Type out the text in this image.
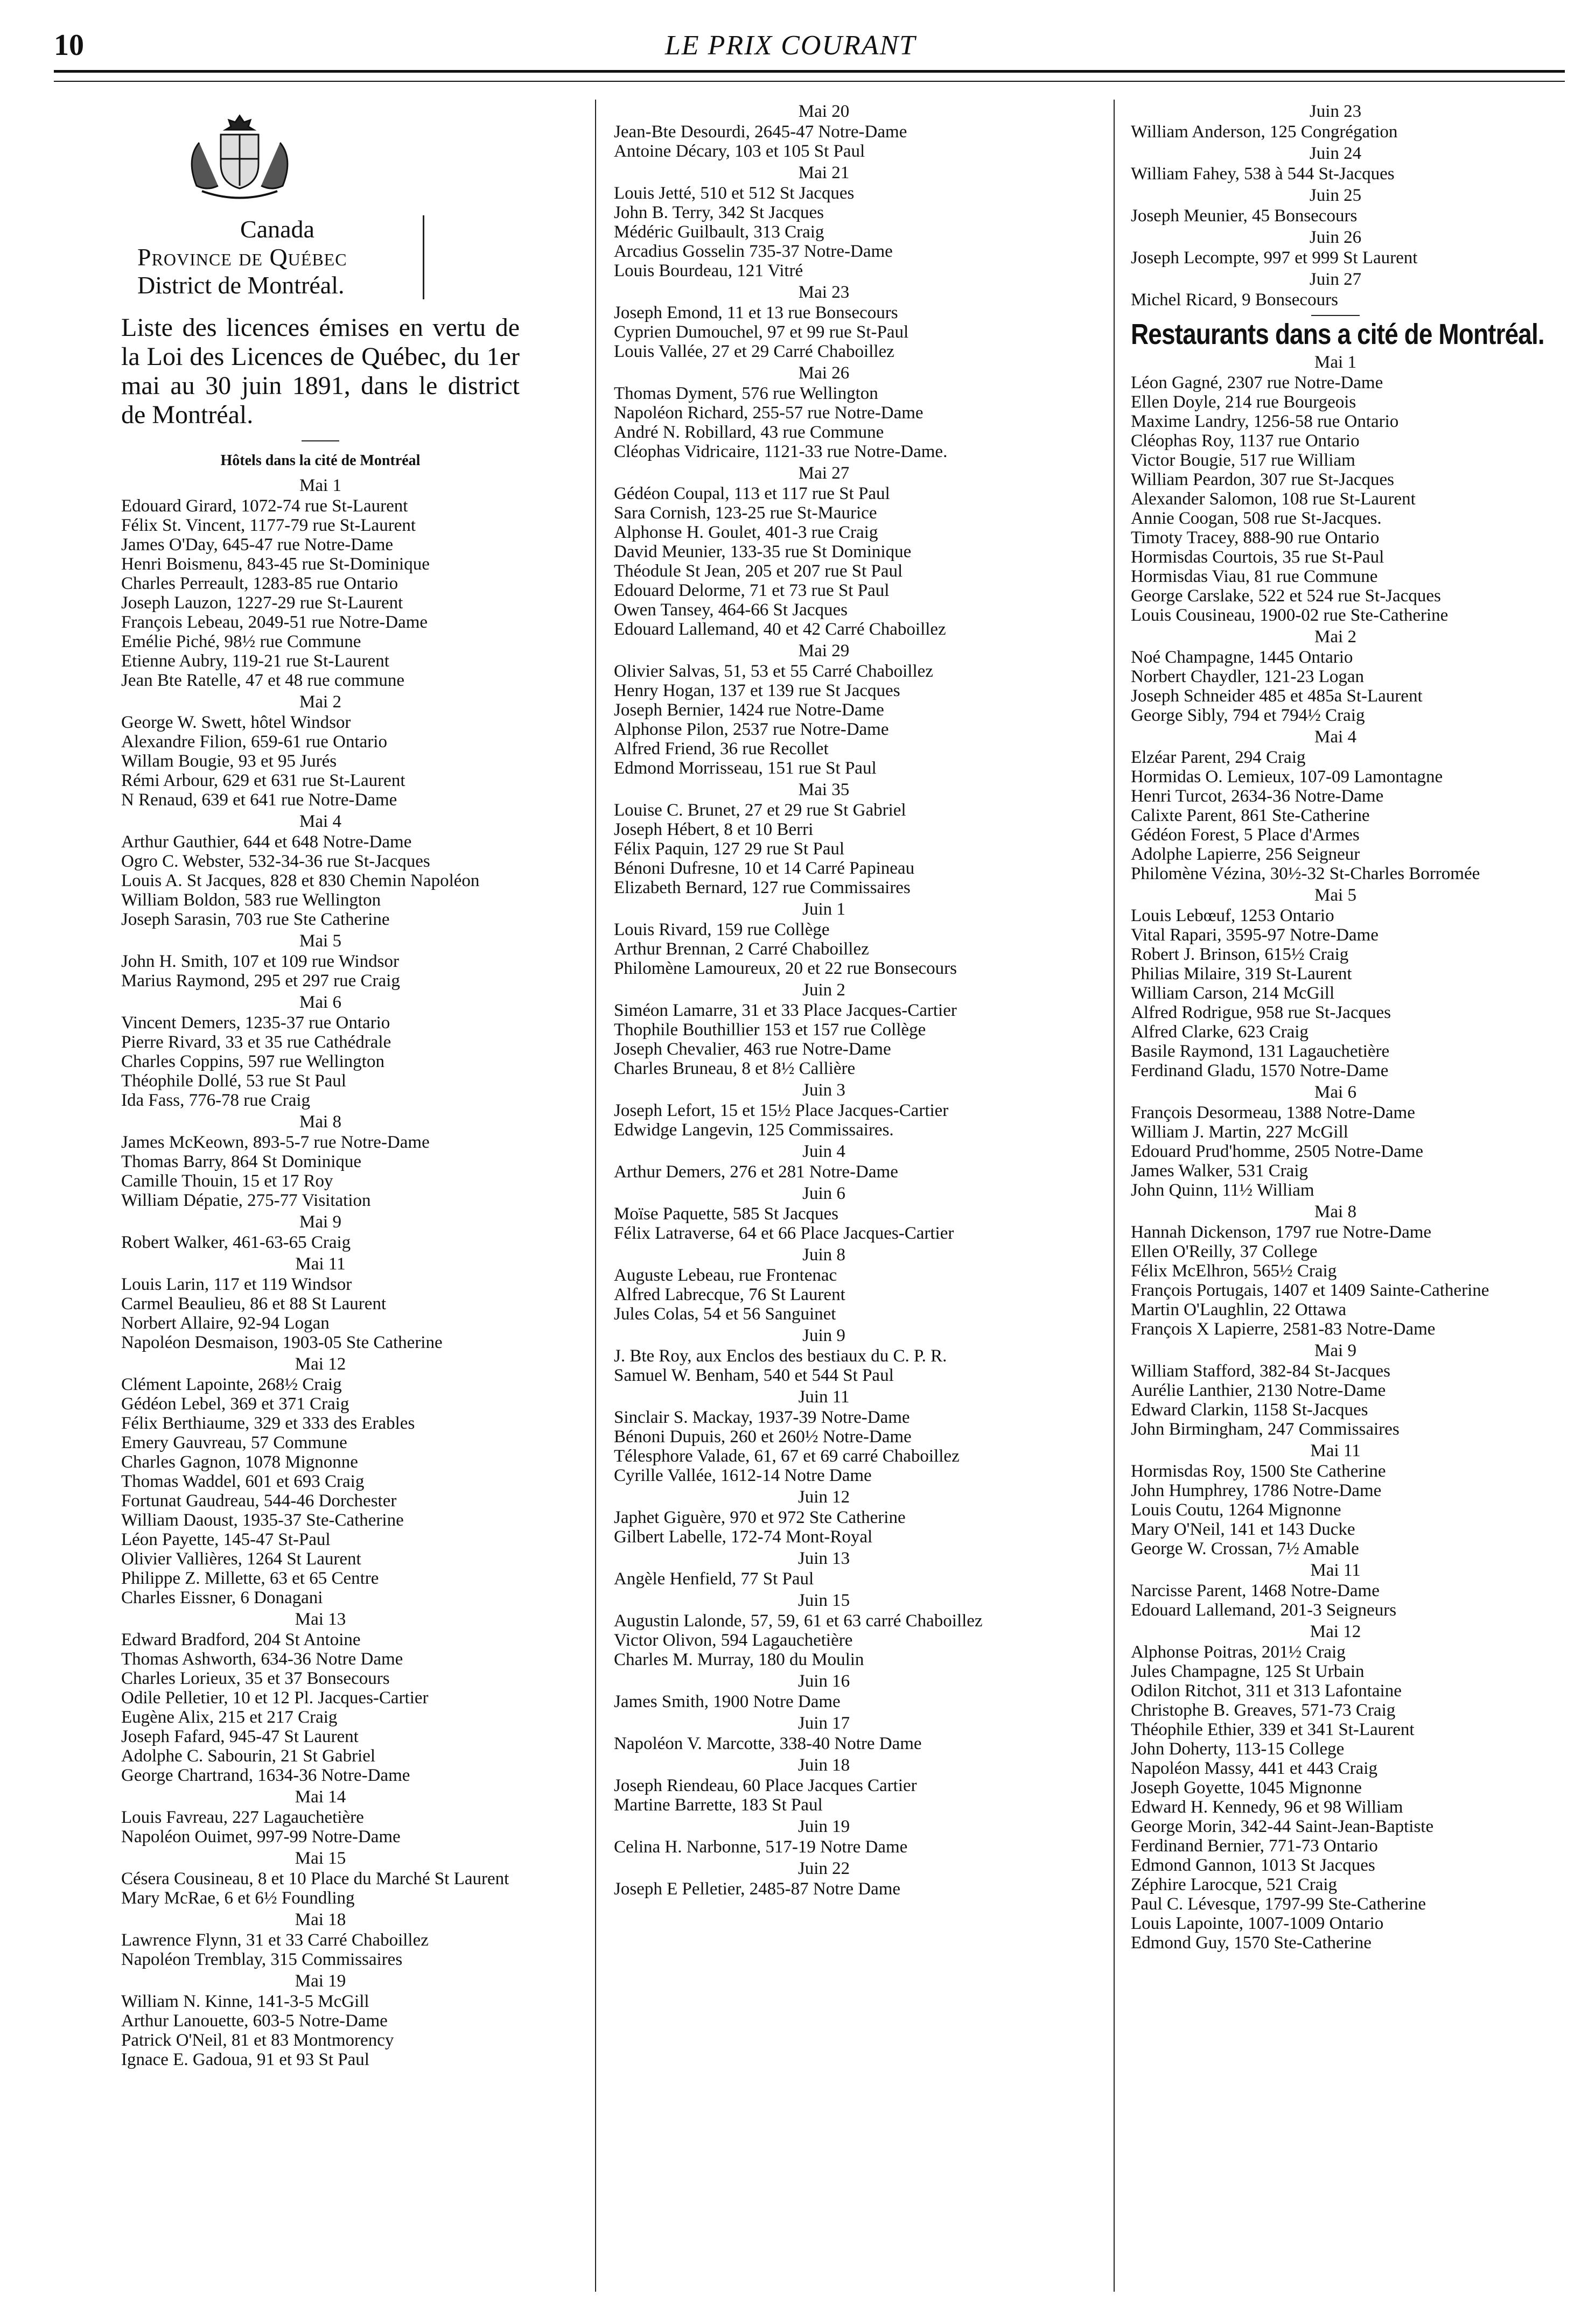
10	LE PRIX COURANT
Canada
Province de Québec
District de Montréal.

Liste des licences émises en vertu de la Loi des Licences de Québec, du 1er mai au 30 juin 1891, dans le district de Montréal.

Hôtels dans la cité de Montréal
Mai 1
Edouard Girard, 1072-74 rue St-Laurent
Félix St. Vincent, 1177-79 rue St-Laurent
James O'Day, 645-47 rue Notre-Dame
Henri Boismenu, 843-45 rue St-Dominique
Charles Perreault, 1283-85 rue Ontario
Joseph Lauzon, 1227-29 rue St-Laurent
François Lebeau, 2049-51 rue Notre-Dame
Emélie Piché, 98½ rue Commune
Etienne Aubry, 119-21 rue St-Laurent
Jean Bte Ratelle, 47 et 48 rue commune
Mai 2
George W. Swett, hôtel Windsor
Alexandre Filion, 659-61 rue Ontario
Willam Bougie, 93 et 95 Jurés
Rémi Arbour, 629 et 631 rue St-Laurent
N Renaud, 639 et 641 rue Notre-Dame
Mai 4
Arthur Gauthier, 644 et 648 Notre-Dame
Ogro C. Webster, 532-34-36 rue St-Jacques
Louis A. St Jacques, 828 et 830 Chemin Napoléon
William Boldon, 583 rue Wellington
Joseph Sarasin, 703 rue Ste Catherine
Mai 5
John H. Smith, 107 et 109 rue Windsor
Marius Raymond, 295 et 297 rue Craig
Mai 6
Vincent Demers, 1235-37 rue Ontario
Pierre Rivard, 33 et 35 rue Cathédrale
Charles Coppins, 597 rue Wellington
Théophile Dollé, 53 rue St Paul
Ida Fass, 776-78 rue Craig
Mai 8
James McKeown, 893-5-7 rue Notre-Dame
Thomas Barry, 864 St Dominique
Camille Thouin, 15 et 17 Roy
William Dépatie, 275-77 Visitation
Mai 9
Robert Walker, 461-63-65 Craig
Mai 11
Louis Larin, 117 et 119 Windsor
Carmel Beaulieu, 86 et 88 St Laurent
Norbert Allaire, 92-94 Logan
Napoléon Desmaison, 1903-05 Ste Catherine
Mai 12
Clément Lapointe, 268½ Craig
Gédéon Lebel, 369 et 371 Craig
Félix Berthiaume, 329 et 333 des Erables
Emery Gauvreau, 57 Commune
Charles Gagnon, 1078 Mignonne
Thomas Waddel, 601 et 693 Craig
Fortunat Gaudreau, 544-46 Dorchester
William Daoust, 1935-37 Ste-Catherine
Léon Payette, 145-47 St-Paul
Olivier Vallières, 1264 St Laurent
Philippe Z. Millette, 63 et 65 Centre
Charles Eissner, 6 Donagani
Mai 13
Edward Bradford, 204 St Antoine
Thomas Ashworth, 634-36 Notre Dame
Charles Lorieux, 35 et 37 Bonsecours
Odile Pelletier, 10 et 12 Pl. Jacques-Cartier
Eugène Alix, 215 et 217 Craig
Joseph Fafard, 945-47 St Laurent
Adolphe C. Sabourin, 21 St Gabriel
George Chartrand, 1634-36 Notre-Dame
Mai 14
Louis Favreau, 227 Lagauchetière
Napoléon Ouimet, 997-99 Notre-Dame
Mai 15
Césera Cousineau, 8 et 10 Place du Marché St Laurent
Mary McRae, 6 et 6½ Foundling
Mai 18
Lawrence Flynn, 31 et 33 Carré Chaboillez
Napoléon Tremblay, 315 Commissaires
Mai 19
William N. Kinne, 141-3-5 McGill
Arthur Lanouette, 603-5 Notre-Dame
Patrick O'Neil, 81 et 83 Montmorency
Ignace E. Gadoua, 91 et 93 St Paul
Mai 20
Jean-Bte Desourdi, 2645-47 Notre-Dame
Antoine Décary, 103 et 105 St Paul
Mai 21
Louis Jetté, 510 et 512 St Jacques
John B. Terry, 342 St Jacques
Médéric Guilbault, 313 Craig
Arcadius Gosselin 735-37 Notre-Dame
Louis Bourdeau, 121 Vitré
Mai 23
Joseph Emond, 11 et 13 rue Bonsecours
Cyprien Dumouchel, 97 et 99 rue St-Paul
Louis Vallée, 27 et 29 Carré Chaboillez
Mai 26
Thomas Dyment, 576 rue Wellington
Napoléon Richard, 255-57 rue Notre-Dame
André N. Robillard, 43 rue Commune
Cléophas Vidricaire, 1121-33 rue Notre-Dame.
Mai 27
Gédéon Coupal, 113 et 117 rue St Paul
Sara Cornish, 123-25 rue St-Maurice
Alphonse H. Goulet, 401-3 rue Craig
David Meunier, 133-35 rue St Dominique
Théodule St Jean, 205 et 207 rue St Paul
Edouard Delorme, 71 et 73 rue St Paul
Owen Tansey, 464-66 St Jacques
Edouard Lallemand, 40 et 42 Carré Chaboillez
Mai 29
Olivier Salvas, 51, 53 et 55 Carré Chaboillez
Henry Hogan, 137 et 139 rue St Jacques
Joseph Bernier, 1424 rue Notre-Dame
Alphonse Pilon, 2537 rue Notre-Dame
Alfred Friend, 36 rue Recollet
Edmond Morrisseau, 151 rue St Paul
Mai 35
Louise C. Brunet, 27 et 29 rue St Gabriel
Joseph Hébert, 8 et 10 Berri
Félix Paquin, 127 29 rue St Paul
Bénoni Dufresne, 10 et 14 Carré Papineau
Elizabeth Bernard, 127 rue Commissaires
Juin 1
Louis Rivard, 159 rue Collège
Arthur Brennan, 2 Carré Chaboillez
Philomène Lamoureux, 20 et 22 rue Bonsecours
Juin 2
Siméon Lamarre, 31 et 33 Place Jacques-Cartier
Thophile Bouthillier 153 et 157 rue Collège
Joseph Chevalier, 463 rue Notre-Dame
Charles Bruneau, 8 et 8½ Callière
Juin 3
Joseph Lefort, 15 et 15½ Place Jacques-Cartier
Edwidge Langevin, 125 Commissaires.
Juin 4
Arthur Demers, 276 et 281 Notre-Dame
Juin 6
Moïse Paquette, 585 St Jacques
Félix Latraverse, 64 et 66 Place Jacques-Cartier
Juin 8
Auguste Lebeau, rue Frontenac
Alfred Labrecque, 76 St Laurent
Jules Colas, 54 et 56 Sanguinet
Juin 9
J. Bte Roy, aux Enclos des bestiaux du C. P. R.
Samuel W. Benham, 540 et 544 St Paul
Juin 11
Sinclair S. Mackay, 1937-39 Notre-Dame
Bénoni Dupuis, 260 et 260½ Notre-Dame
Télesphore Valade, 61, 67 et 69 carré Chaboillez
Cyrille Vallée, 1612-14 Notre Dame
Juin 12
Japhet Giguère, 970 et 972 Ste Catherine
Gilbert Labelle, 172-74 Mont-Royal
Juin 13
Angèle Henfield, 77 St Paul
Juin 15
Augustin Lalonde, 57, 59, 61 et 63 carré Chaboillez
Victor Olivon, 594 Lagauchetière
Charles M. Murray, 180 du Moulin
Juin 16
James Smith, 1900 Notre Dame
Juin 17
Napoléon V. Marcotte, 338-40 Notre Dame
Juin 18
Joseph Riendeau, 60 Place Jacques Cartier
Martine Barrette, 183 St Paul
Juin 19
Celina H. Narbonne, 517-19 Notre Dame
Juin 22
Joseph E Pelletier, 2485-87 Notre Dame
Juin 23
William Anderson, 125 Congrégation
Juin 24
William Fahey, 538 à 544 St-Jacques
Juin 25
Joseph Meunier, 45 Bonsecours
Juin 26
Joseph Lecompte, 997 et 999 St Laurent
Juin 27
Michel Ricard, 9 Bonsecours
Restaurants dans a cité de Montréal.
Mai 1
Léon Gagné, 2307 rue Notre-Dame
Ellen Doyle, 214 rue Bourgeois
Maxime Landry, 1256-58 rue Ontario
Cléophas Roy, 1137 rue Ontario
Victor Bougie, 517 rue William
William Peardon, 307 rue St-Jacques
Alexander Salomon, 108 rue St-Laurent
Annie Coogan, 508 rue St-Jacques.
Timoty Tracey, 888-90 rue Ontario
Hormisdas Courtois, 35 rue St-Paul
Hormisdas Viau, 81 rue Commune
George Carslake, 522 et 524 rue St-Jacques
Louis Cousineau, 1900-02 rue Ste-Catherine
Mai 2
Noé Champagne, 1445 Ontario
Norbert Chaydler, 121-23 Logan
Joseph Schneider 485 et 485a St-Laurent
George Sibly, 794 et 794½ Craig
Mai 4
Elzéar Parent, 294 Craig
Hormidas O. Lemieux, 107-09 Lamontagne
Henri Turcot, 2634-36 Notre-Dame
Calixte Parent, 861 Ste-Catherine
Gédéon Forest, 5 Place d'Armes
Adolphe Lapierre, 256 Seigneur
Philomène Vézina, 30½-32 St-Charles Borromée
Mai 5
Louis Lebœuf, 1253 Ontario
Vital Rapari, 3595-97 Notre-Dame
Robert J. Brinson, 615½ Craig
Philias Milaire, 319 St-Laurent
William Carson, 214 McGill
Alfred Rodrigue, 958 rue St-Jacques
Alfred Clarke, 623 Craig
Basile Raymond, 131 Lagauchetière
Ferdinand Gladu, 1570 Notre-Dame
Mai 6
François Desormeau, 1388 Notre-Dame
William J. Martin, 227 McGill
Edouard Prud'homme, 2505 Notre-Dame
James Walker, 531 Craig
John Quinn, 11½ William
Mai 8
Hannah Dickenson, 1797 rue Notre-Dame
Ellen O'Reilly, 37 College
Félix McElhron, 565½ Craig
François Portugais, 1407 et 1409 Sainte-Catherine
Martin O'Laughlin, 22 Ottawa
François X Lapierre, 2581-83 Notre-Dame
Mai 9
William Stafford, 382-84 St-Jacques
Aurélie Lanthier, 2130 Notre-Dame
Edward Clarkin, 1158 St-Jacques
John Birmingham, 247 Commissaires
Mai 11
Hormisdas Roy, 1500 Ste Catherine
John Humphrey, 1786 Notre-Dame
Louis Coutu, 1264 Mignonne
Mary O'Neil, 141 et 143 Ducke
George W. Crossan, 7½ Amable
Mai 11
Narcisse Parent, 1468 Notre-Dame
Edouard Lallemand, 201-3 Seigneurs
Mai 12
Alphonse Poitras, 201½ Craig
Jules Champagne, 125 St Urbain
Odilon Ritchot, 311 et 313 Lafontaine
Christophe B. Greaves, 571-73 Craig
Théophile Ethier, 339 et 341 St-Laurent
John Doherty, 113-15 College
Napoléon Massy, 441 et 443 Craig
Joseph Goyette, 1045 Mignonne
Edward H. Kennedy, 96 et 98 William
George Morin, 342-44 Saint-Jean-Baptiste
Ferdinand Bernier, 771-73 Ontario
Edmond Gannon, 1013 St Jacques
Zéphire Larocque, 521 Craig
Paul C. Lévesque, 1797-99 Ste-Catherine
Louis Lapointe, 1007-1009 Ontario
Edmond Guy, 1570 Ste-Catherine
